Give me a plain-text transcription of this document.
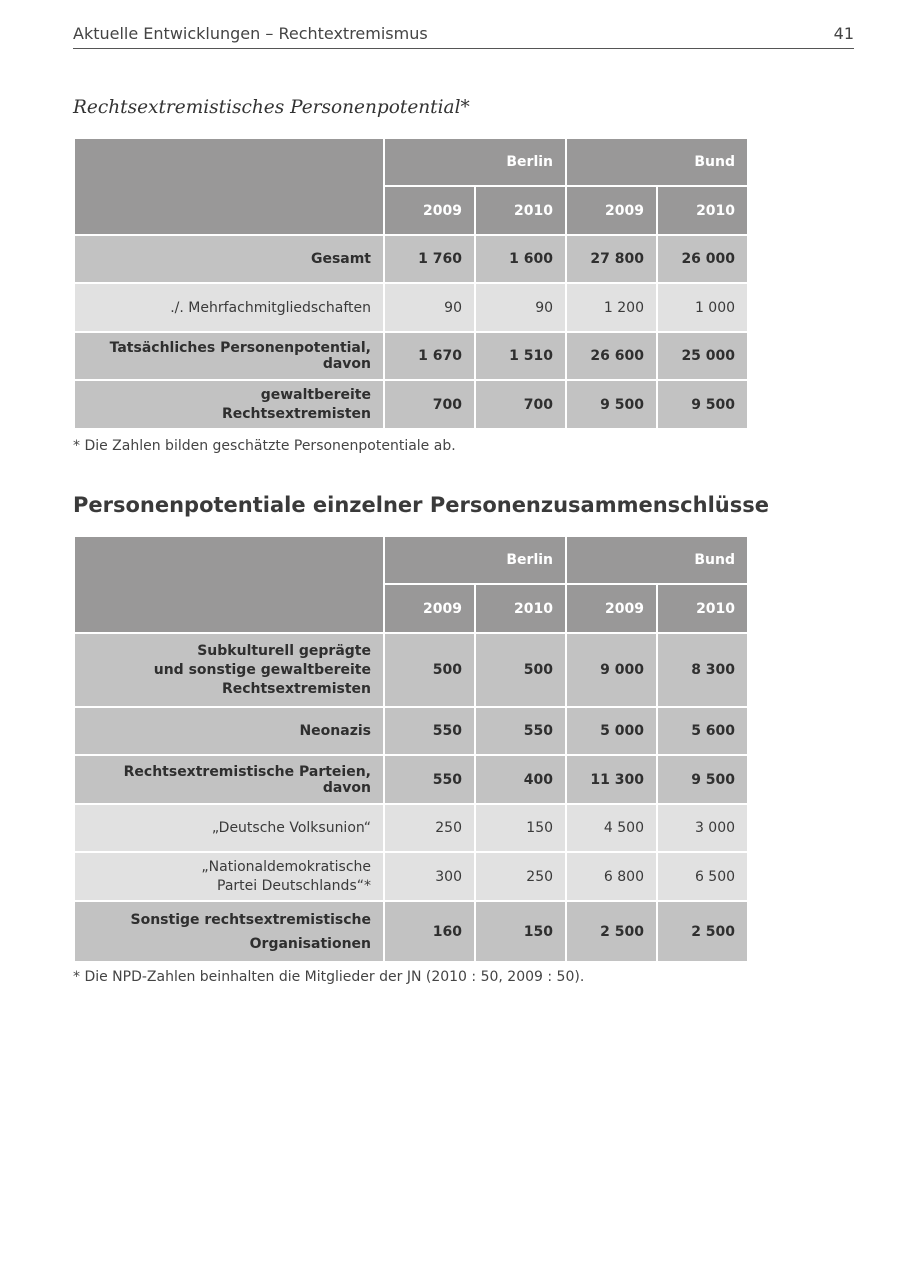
Aktuelle Entwicklungen – Rechtextremismus	41
Rechtsextremistisches Personenpotential*
	Berlin		Bund	
	2009	2010	2009	2010
Gesamt	1 760	1 600	27 800	26 000
./. Mehrfachmitgliedschaften	90	90	1 200	1 000
Tatsächliches Personenpotential, davon	1 670	1 510	26 600	25 000
gewaltbereite
Rechtsextremisten	700	700	9 500	9 500
* Die Zahlen bilden geschätzte Personenpotentiale ab.
Personenpotentiale einzelner Personenzusammenschlüsse
	Berlin		Bund	
	2009	2010	2009	2010
Subkulturell geprägte
und sonstige gewaltbereite
Rechtsextremisten	500	500	9 000	8 300
Neonazis	550	550	5 000	5 600
Rechtsextremistische Parteien, davon	550	400	11 300	9 500
„Deutsche Volksunion“	250	150	4 500	3 000
„Nationaldemokratische
Partei Deutschlands“*	300	250	6 800	6 500
Sonstige rechtsextremistische
Organisationen	160	150	2 500	2 500
* Die NPD-Zahlen beinhalten die Mitglieder der JN (2010 : 50, 2009 : 50).
